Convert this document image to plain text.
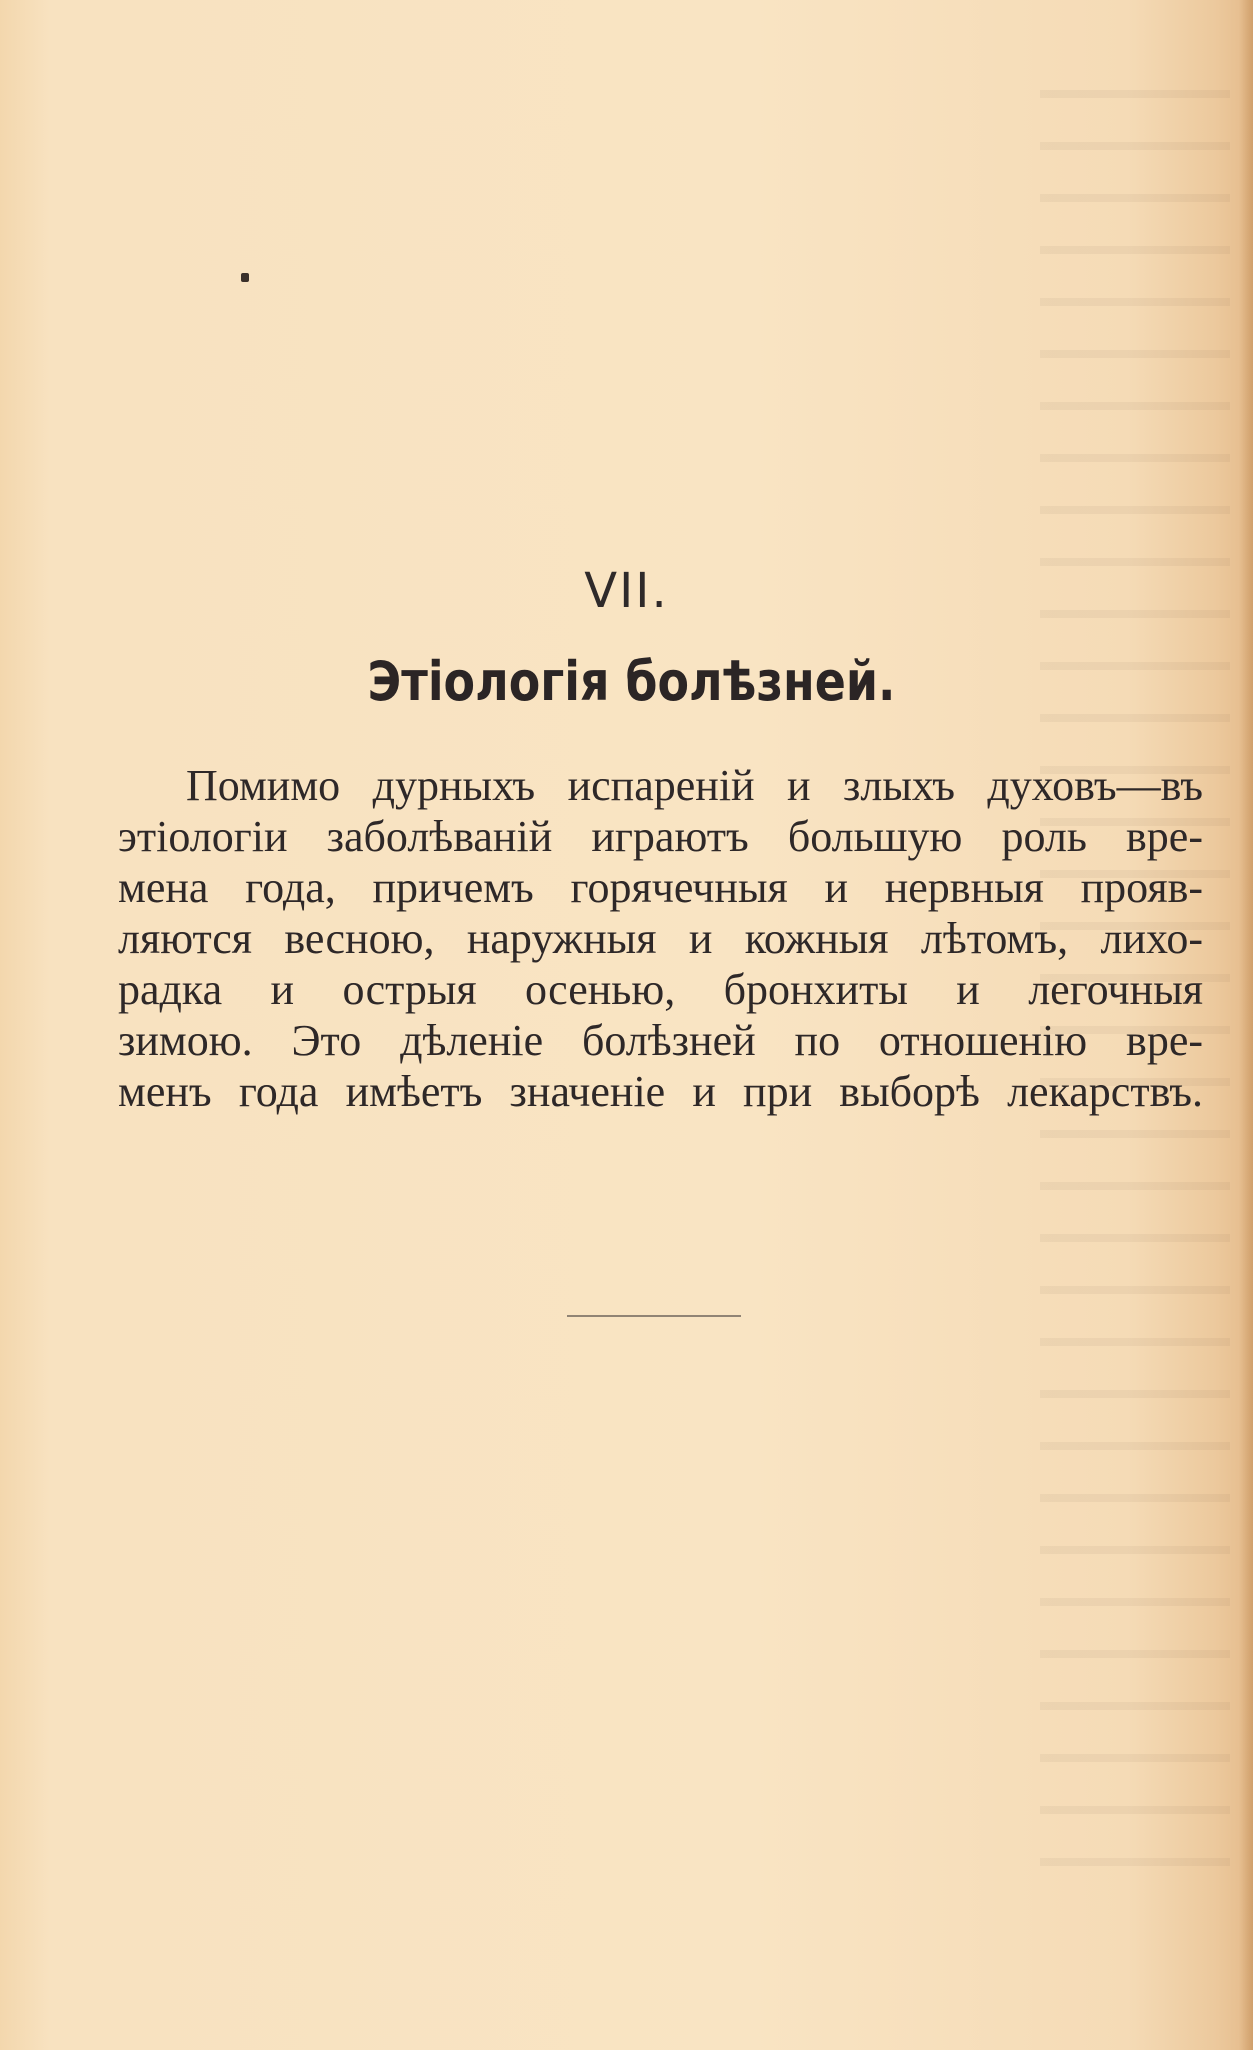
VII.
Этіологія болѣзней.
Помимо дурныхъ испареній и злыхъ духовъ—въ
этіологіи заболѣваній играютъ большую роль вре-
мена года, причемъ горячечныя и нервныя прояв-
ляются весною, наружныя и кожныя лѣтомъ, лихо-
радка и острыя осенью, бронхиты и легочныя
зимою. Это дѣленіе болѣзней по отношенію вре-
менъ года имѣетъ значеніе и при выборѣ лекарствъ.
